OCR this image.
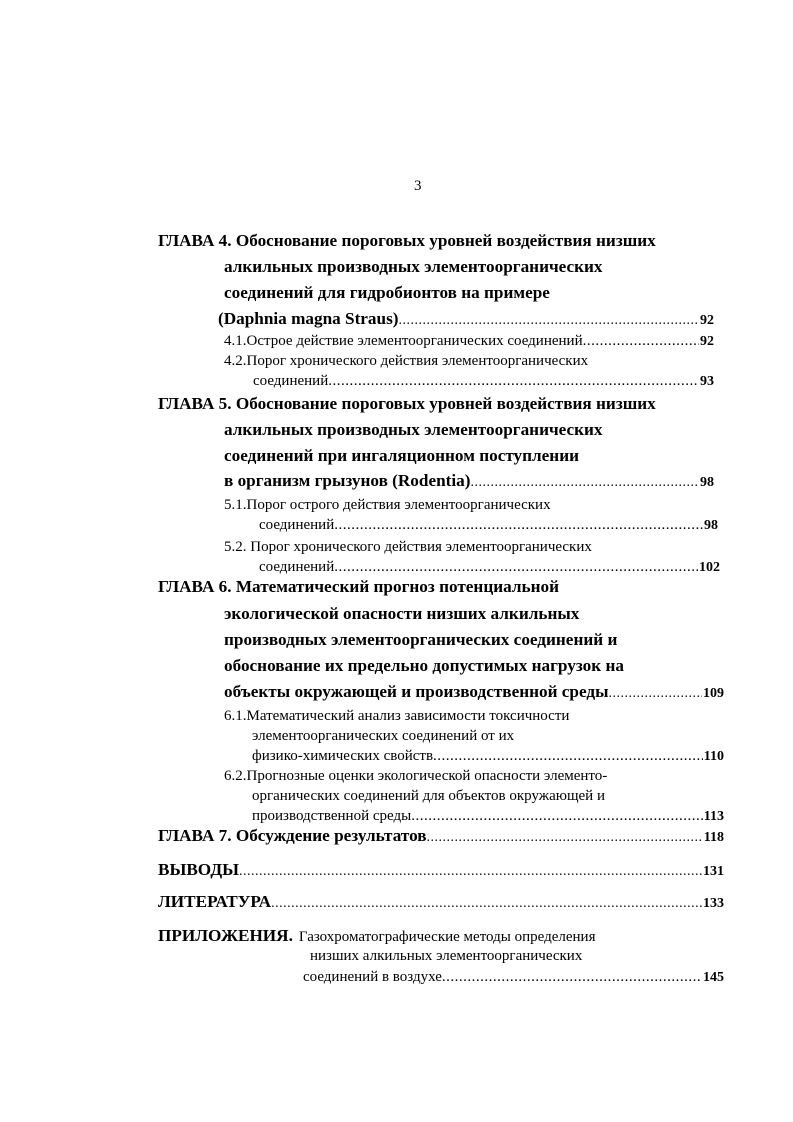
3
ГЛАВА 4. Обоснование пороговых уровней воздействия низших
алкильных производных элементоорганических
соединений для гидробионтов на примере
(Daphnia magna Straus) .....	92
4.1.Острое действие элементоорганических соединений .....	92
4.2.Порог хронического действия элементоорганических
соединений .....	93
ГЛАВА 5. Обоснование пороговых уровней воздействия низших
алкильных производных элементоорганических
соединений при ингаляционном поступлении
в организм грызунов (Rodentia) .....	98
5.1.Порог острого действия элементоорганических
соединений .....	98
5.2. Порог хронического действия элементоорганических
соединений .....	102
ГЛАВА 6. Математический прогноз потенциальной
экологической опасности низших алкильных
производных элементоорганических соединений и
обоснование их предельно допустимых нагрузок на
объекты окружающей и производственной среды .....	109
6.1.Математический анализ зависимости токсичности
элементоорганических соединений от их
физико-химических свойств .....	110
6.2.Прогнозные оценки экологической опасности элементо-
органических соединений для объектов окружающей и
производственной среды .....	113
ГЛАВА 7. Обсуждение результатов .....	118
ВЫВОДЫ .....	131
ЛИТЕРАТУРА .....	133
ПРИЛОЖЕНИЯ. Газохроматографические методы определения
низших алкильных элементоорганических
соединений в воздухе .....	145
